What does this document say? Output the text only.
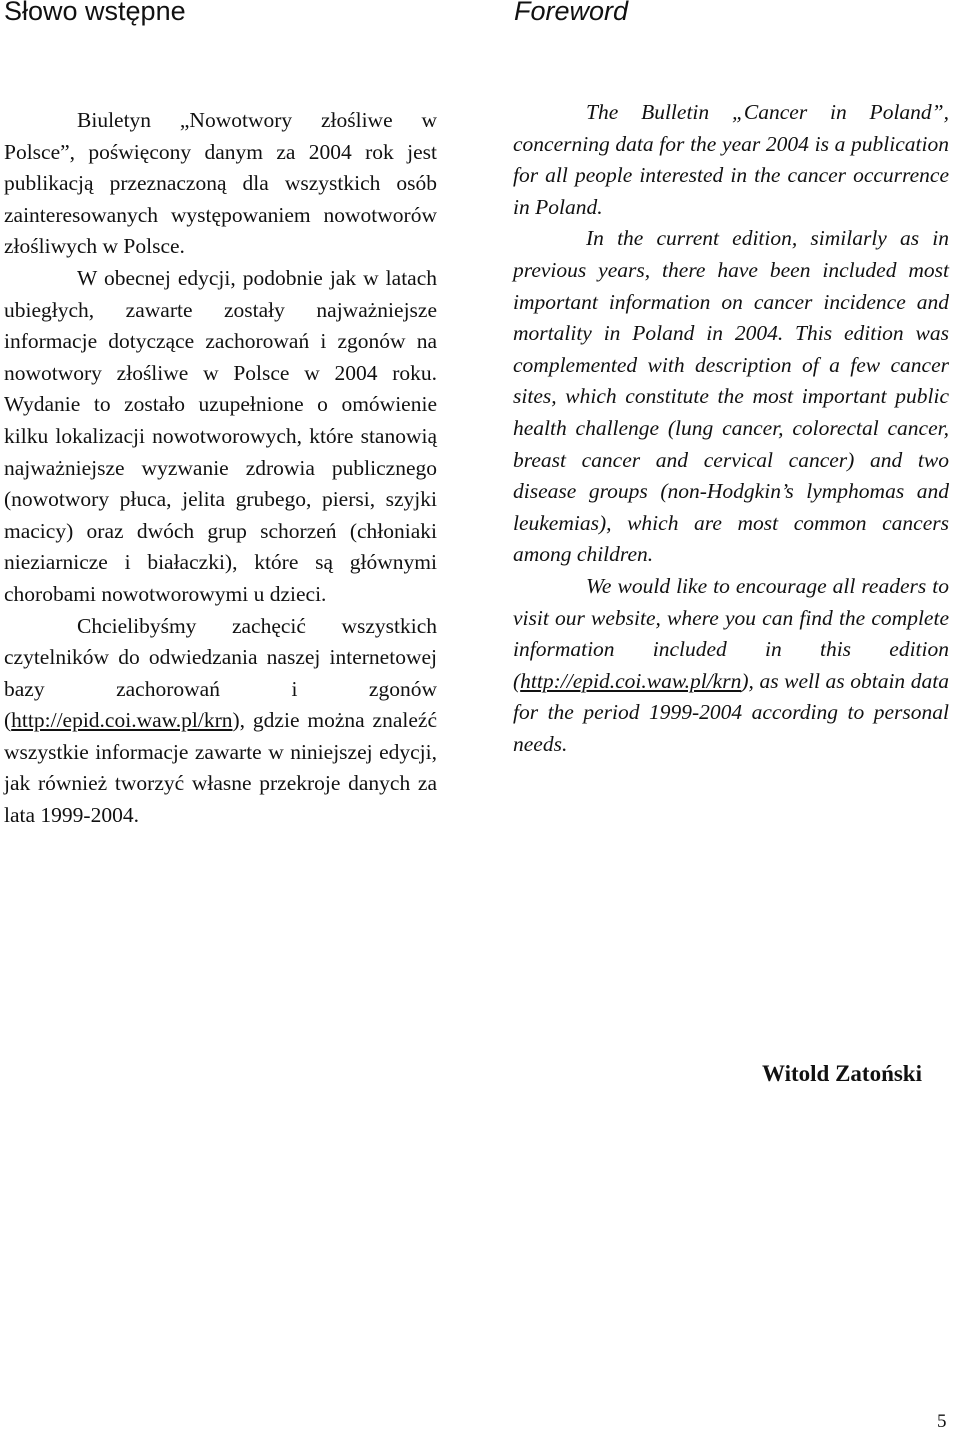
Słowo wstępne	Foreword

Biuletyn „Nowotwory złośliwe w Polsce”, poświęcony danym za 2004 rok jest publikacją przeznaczoną dla wszystkich osób zainteresowanych występowaniem nowotworów złośliwych w Polsce.

W obecnej edycji, podobnie jak w latach ubiegłych, zawarte zostały najważniejsze informacje dotyczące zachorowań i zgonów na nowotwory złośliwe w Polsce w 2004 roku. Wydanie to zostało uzupełnione o omówienie kilku lokalizacji nowotworowych, które stanowią najważniejsze wyzwanie zdrowia publicznego (nowotwory płuca, jelita grubego, piersi, szyjki macicy) oraz dwóch grup schorzeń (chłoniaki nieziarnicze i białaczki), które są głównymi chorobami nowotworowymi u dzieci.

Chcielibyśmy zachęcić wszystkich czytelników do odwiedzania naszej internetowej bazy zachorowań i zgonów (http://epid.coi.waw.pl/krn), gdzie można znaleźć wszystkie informacje zawarte w niniejszej edycji, jak również tworzyć własne przekroje danych za lata 1999-2004.

The Bulletin „Cancer in Poland”, concerning data for the year 2004 is a publication for all people interested in the cancer occurrence in Poland.

In the current edition, similarly as in previous years, there have been included most important information on cancer incidence and mortality in Poland in 2004. This edition was complemented with description of a few cancer sites, which constitute the most important public health challenge (lung cancer, colorectal cancer, breast cancer and cervical cancer) and two disease groups (non-Hodgkin’s lymphomas and leukemias), which are most common cancers among children.

We would like to encourage all readers to visit our website, where you can find the complete information included in this edition (http://epid.coi.waw.pl/krn), as well as obtain data for the period 1999-2004 according to personal needs.

Witold Zatoński

5
